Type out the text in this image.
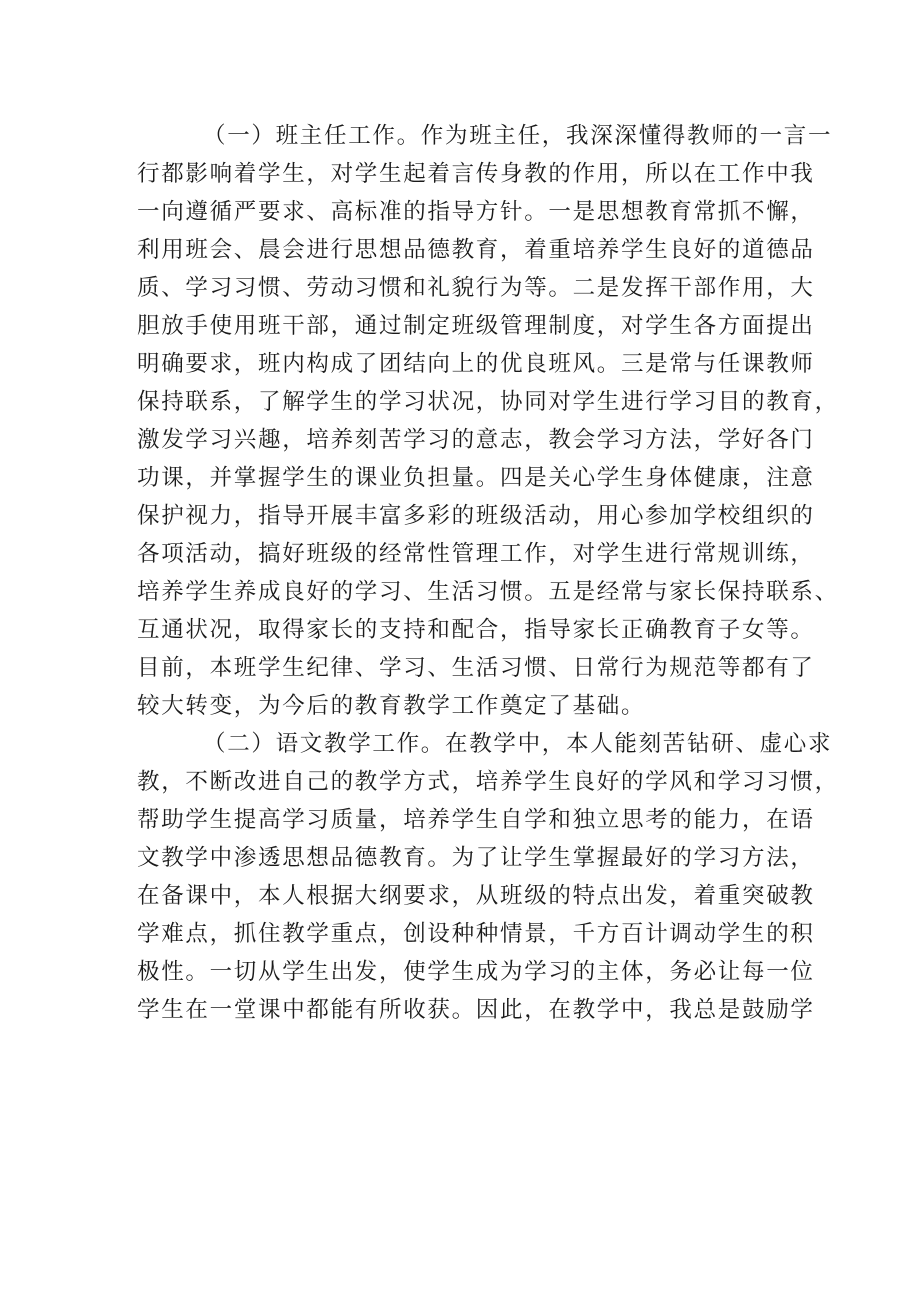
（一）班主任工作。作为班主任，我深深懂得教师的一言一
行都影响着学生，对学生起着言传身教的作用，所以在工作中我
一向遵循严要求、高标准的指导方针。一是思想教育常抓不懈，
利用班会、晨会进行思想品德教育，着重培养学生良好的道德品
质、学习习惯、劳动习惯和礼貌行为等。二是发挥干部作用，大
胆放手使用班干部，通过制定班级管理制度，对学生各方面提出
明确要求，班内构成了团结向上的优良班风。三是常与任课教师
保持联系，了解学生的学习状况，协同对学生进行学习目的教育，
激发学习兴趣，培养刻苦学习的意志，教会学习方法，学好各门
功课，并掌握学生的课业负担量。四是关心学生身体健康，注意
保护视力，指导开展丰富多彩的班级活动，用心参加学校组织的
各项活动，搞好班级的经常性管理工作，对学生进行常规训练，
培养学生养成良好的学习、生活习惯。五是经常与家长保持联系、
互通状况，取得家长的支持和配合，指导家长正确教育子女等。
目前，本班学生纪律、学习、生活习惯、日常行为规范等都有了
较大转变，为今后的教育教学工作奠定了基础。
（二）语文教学工作。在教学中，本人能刻苦钻研、虚心求
教，不断改进自己的教学方式，培养学生良好的学风和学习习惯，
帮助学生提高学习质量，培养学生自学和独立思考的能力，在语
文教学中渗透思想品德教育。为了让学生掌握最好的学习方法，
在备课中，本人根据大纲要求，从班级的特点出发，着重突破教
学难点，抓住教学重点，创设种种情景，千方百计调动学生的积
极性。一切从学生出发，使学生成为学习的主体，务必让每一位
学生在一堂课中都能有所收获。因此，在教学中，我总是鼓励学
